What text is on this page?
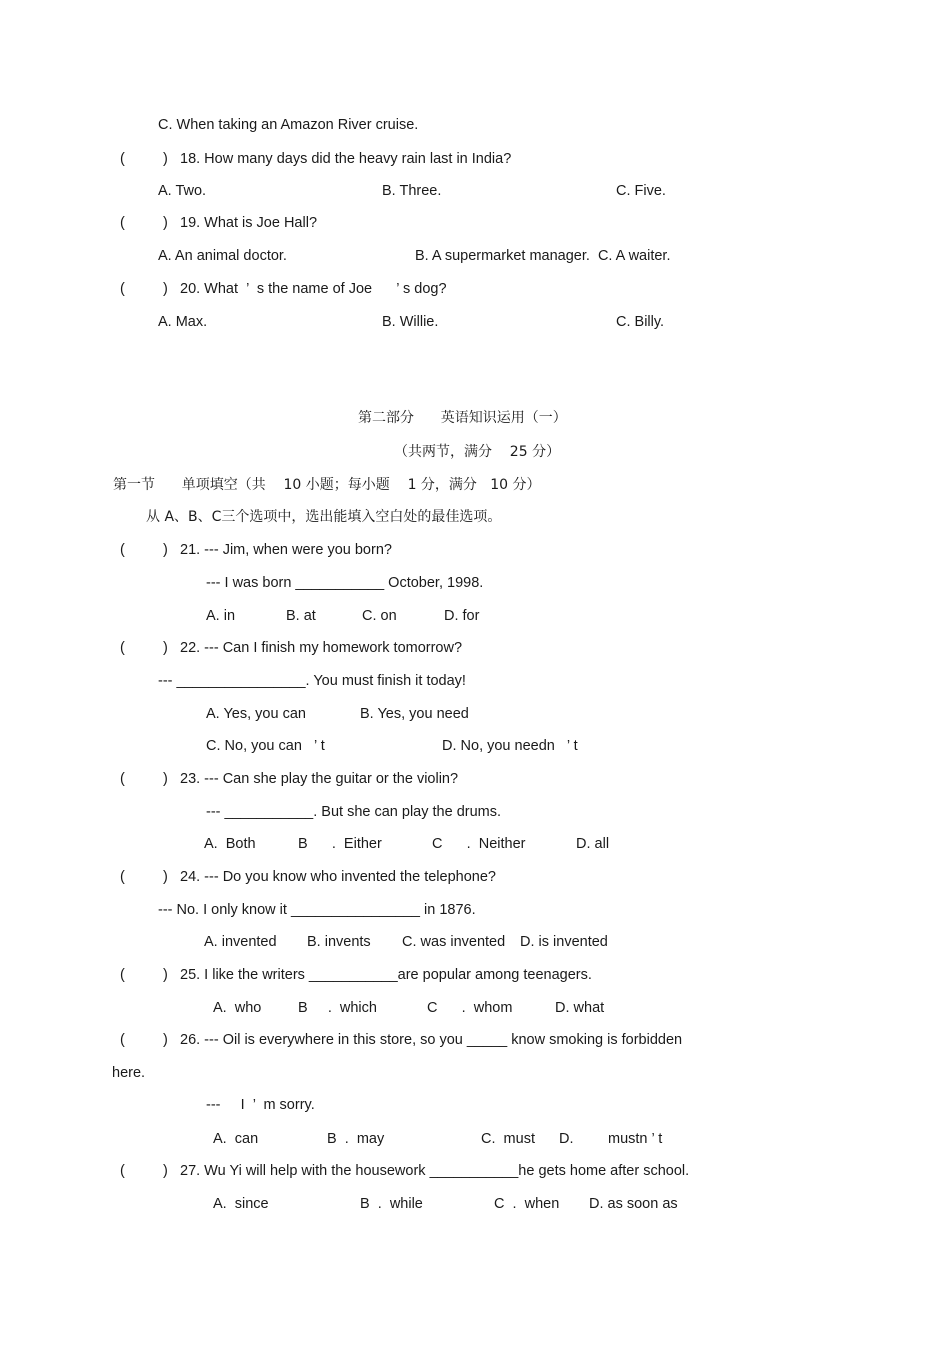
C. When taking an Amazon River cruise.
(	) 18. How many days did the heavy rain last in India?
A. Two.	B. Three.	C. Five.
(	) 19. What is Joe Hall?
A. An animal doctor.	B. A supermarket manager.  C. A waiter.
(	) 20. What  ’  s the name of Joe      ’ s dog?
A. Max.	B. Willie.	C. Billy.
第二部分      英语知识运用（一）
（共两节，满分    25 分）
第一节      单项填空（共    10 小题；每小题    1 分，满分   10 分）
从 A、B、C三个选项中，选出能填入空白处的最佳选项。
(	) 21. --- Jim, when were you born?
--- I was born ___________ October, 1998.
A. in	B. at	C. on	D. for
(	) 22. --- Can I finish my homework tomorrow?
--- ________________. You must finish it today!
A. Yes, you can	B. Yes, you need
C. No, you can   ’ t	D. No, you needn   ’ t
(	) 23. --- Can she play the guitar or the violin?
--- ___________. But she can play the drums.
A.  Both	B      .  Either	C      .  Neither	D. all
(	) 24. --- Do you know who invented the telephone?
--- No. I only know it ________________ in 1876.
A. invented B. invents C. was invented D. is invented
(	) 25. I like the writers ___________are popular among teenagers.
A.  who	B     .  which	C      .  whom	D. what
(	) 26. --- Oil is everywhere in this store, so you _____ know smoking is forbidden
here.
---     I  ’  m sorry.
A.  can	B  .  may	C.  must D. mustn ’ t
(	) 27. Wu Yi will help with the housework ___________he gets home after school.
A.  since	B  .  while	C  .  when D. as soon as
